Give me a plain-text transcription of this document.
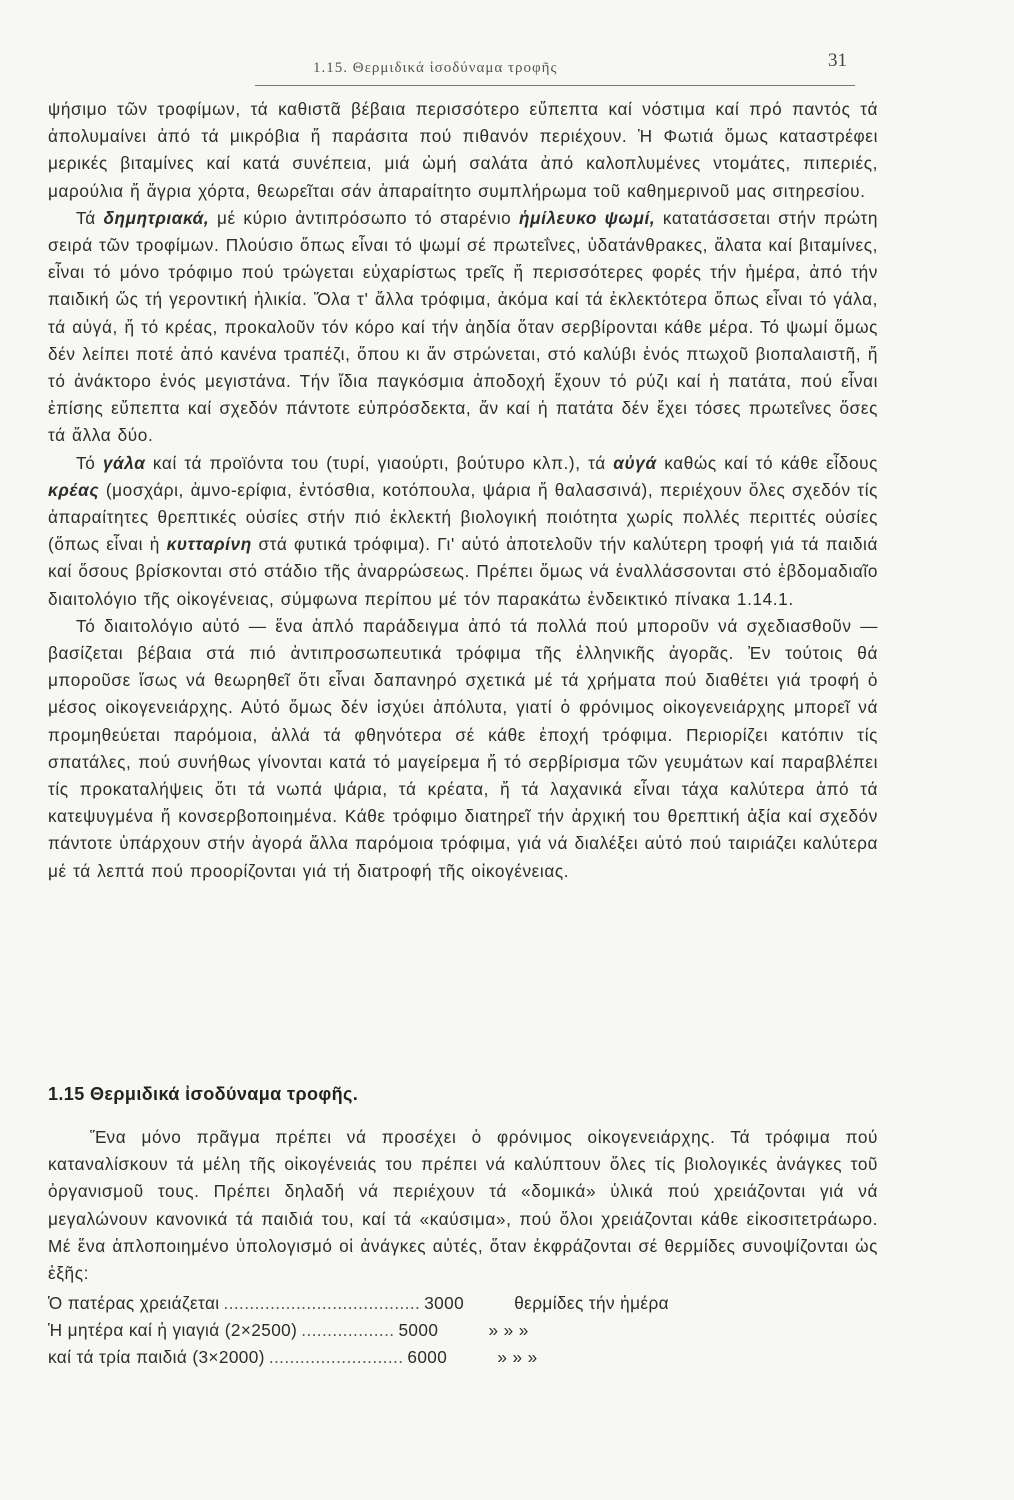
1.15. Θερμιδικά ἰσοδύναμα τροφῆς	31

ψήσιμο τῶν τροφίμων, τά καθιστᾶ βέβαια περισσότερο εὔπεπτα καί νόστιμα καί πρό παντός τά ἀπολυμαίνει ἀπό τά μικρόβια ἤ παράσιτα πού πιθανόν περιέχουν. Ἡ Φωτιά ὅμως καταστρέφει μερικές βιταμίνες καί κατά συνέπεια, μιά ὠμή σαλάτα ἀπό καλοπλυμένες ντομάτες, πιπεριές, μαρούλια ἤ ἄγρια χόρτα, θεωρεῖται σάν ἀπαραίτητο συμπλήρωμα τοῦ καθημερινοῦ μας σιτηρεσίου.

Τά δημητριακά, μέ κύριο ἀντιπρόσωπο τό σταρένιο ἡμίλευκο ψωμί, κατατάσσεται στήν πρώτη σειρά τῶν τροφίμων. Πλούσιο ὅπως εἶναι τό ψωμί σέ πρωτεΐνες, ὑδατάνθρακες, ἅλατα καί βιταμίνες, εἶναι τό μόνο τρόφιμο πού τρώγεται εὐχαρίστως τρεῖς ἤ περισσότερες φορές τήν ἡμέρα, ἀπό τήν παιδική ὥς τή γεροντική ἡλικία. Ὅλα τ' ἄλλα τρόφιμα, ἀκόμα καί τά ἐκλεκτότερα ὅπως εἶναι τό γάλα, τά αὐγά, ἤ τό κρέας, προκαλοῦν τόν κόρο καί τήν ἀηδία ὅταν σερβίρονται κάθε μέρα. Τό ψωμί ὅμως δέν λείπει ποτέ ἀπό κανένα τραπέζι, ὅπου κι ἄν στρώνεται, στό καλύβι ἑνός πτωχοῦ βιοπαλαιστῆ, ἤ τό ἀνάκτορο ἑνός μεγιστάνα. Τήν ἴδια παγκόσμια ἀποδοχή ἔχουν τό ρύζι καί ἡ πατάτα, πού εἶναι ἐπίσης εὔπεπτα καί σχεδόν πάντοτε εὐπρόσδεκτα, ἄν καί ἡ πατάτα δέν ἔχει τόσες πρωτεΐνες ὅσες τά ἄλλα δύο.

Τό γάλα καί τά προϊόντα του (τυρί, γιαούρτι, βούτυρο κλπ.), τά αὐγά καθώς καί τό κάθε εἶδους κρέας (μοσχάρι, ἀμνο-ερίφια, ἐντόσθια, κοτόπουλα, ψάρια ἤ θαλασσινά), περιέχουν ὅλες σχεδόν τίς ἀπαραίτητες θρεπτικές οὐσίες στήν πιό ἐκλεκτή βιολογική ποιότητα χωρίς πολλές περιττές οὐσίες (ὅπως εἶναι ἡ κυτταρίνη στά φυτικά τρόφιμα). Γι' αὐτό ἀποτελοῦν τήν καλύτερη τροφή γιά τά παιδιά καί ὅσους βρίσκονται στό στάδιο τῆς ἀναρρώσεως. Πρέπει ὅμως νά ἐναλλάσσονται στό ἑβδομαδιαῖο διαιτολόγιο τῆς οἰκογένειας, σύμφωνα περίπου μέ τόν παρακάτω ἐνδεικτικό πίνακα 1.14.1.

Τό διαιτολόγιο αὐτό — ἕνα ἁπλό παράδειγμα ἀπό τά πολλά πού μποροῦν νά σχεδιασθοῦν — βασίζεται βέβαια στά πιό ἀντιπροσωπευτικά τρόφιμα τῆς ἑλληνικῆς ἀγορᾶς. Ἐν τούτοις θά μποροῦσε ἴσως νά θεωρηθεῖ ὅτι εἶναι δαπανηρό σχετικά μέ τά χρήματα πού διαθέτει γιά τροφή ὁ μέσος οἰκογενειάρχης. Αὐτό ὅμως δέν ἰσχύει ἀπόλυτα, γιατί ὁ φρόνιμος οἰκογενειάρχης μπορεῖ νά προμηθεύεται παρόμοια, ἀλλά τά φθηνότερα σέ κάθε ἐποχή τρόφιμα. Περιορίζει κατόπιν τίς σπατάλες, πού συνήθως γίνονται κατά τό μαγείρεμα ἤ τό σερβίρισμα τῶν γευμάτων καί παραβλέπει τίς προκαταλήψεις ὅτι τά νωπά ψάρια, τά κρέατα, ἤ τά λαχανικά εἶναι τάχα καλύτερα ἀπό τά κατεψυγμένα ἤ κονσερβοποιημένα. Κάθε τρόφιμο διατηρεῖ τήν ἀρχική του θρεπτική ἀξία καί σχεδόν πάντοτε ὑπάρχουν στήν ἀγορά ἄλλα παρόμοια τρόφιμα, γιά νά διαλέξει αὐτό πού ταιριάζει καλύτερα μέ τά λεπτά πού προορίζονται γιά τή διατροφή τῆς οἰκογένειας.

1.15 Θερμιδικά ἰσοδύναμα τροφῆς.

Ἕνα μόνο πρᾶγμα πρέπει νά προσέχει ὁ φρόνιμος οἰκογενειάρχης. Τά τρόφιμα πού καταναλίσκουν τά μέλη τῆς οἰκογένειάς του πρέπει νά καλύπτουν ὅλες τίς βιολογικές ἀνάγκες τοῦ ὀργανισμοῦ τους. Πρέπει δηλαδή νά περιέχουν τά «δομικά» ὑλικά πού χρειάζονται γιά νά μεγαλώνουν κανονικά τά παιδιά του, καί τά «καύσιμα», πού ὅλοι χρειάζονται κάθε εἰκοσιτετράωρο. Μέ ἕνα ἁπλοποιημένο ὑπολογισμό οἱ ἀνάγκες αὐτές, ὅταν ἐκφράζονται σέ θερμίδες συνοψίζονται ὡς ἑξῆς:

Ὁ πατέρας χρειάζεται ...................................... 3000	θερμίδες τήν ἡμέρα
Ἡ μητέρα καί ἡ γιαγιά (2×2500) .................. 5000	» » »
καί τά τρία παιδιά (3×2000) .......................... 6000	» » »
